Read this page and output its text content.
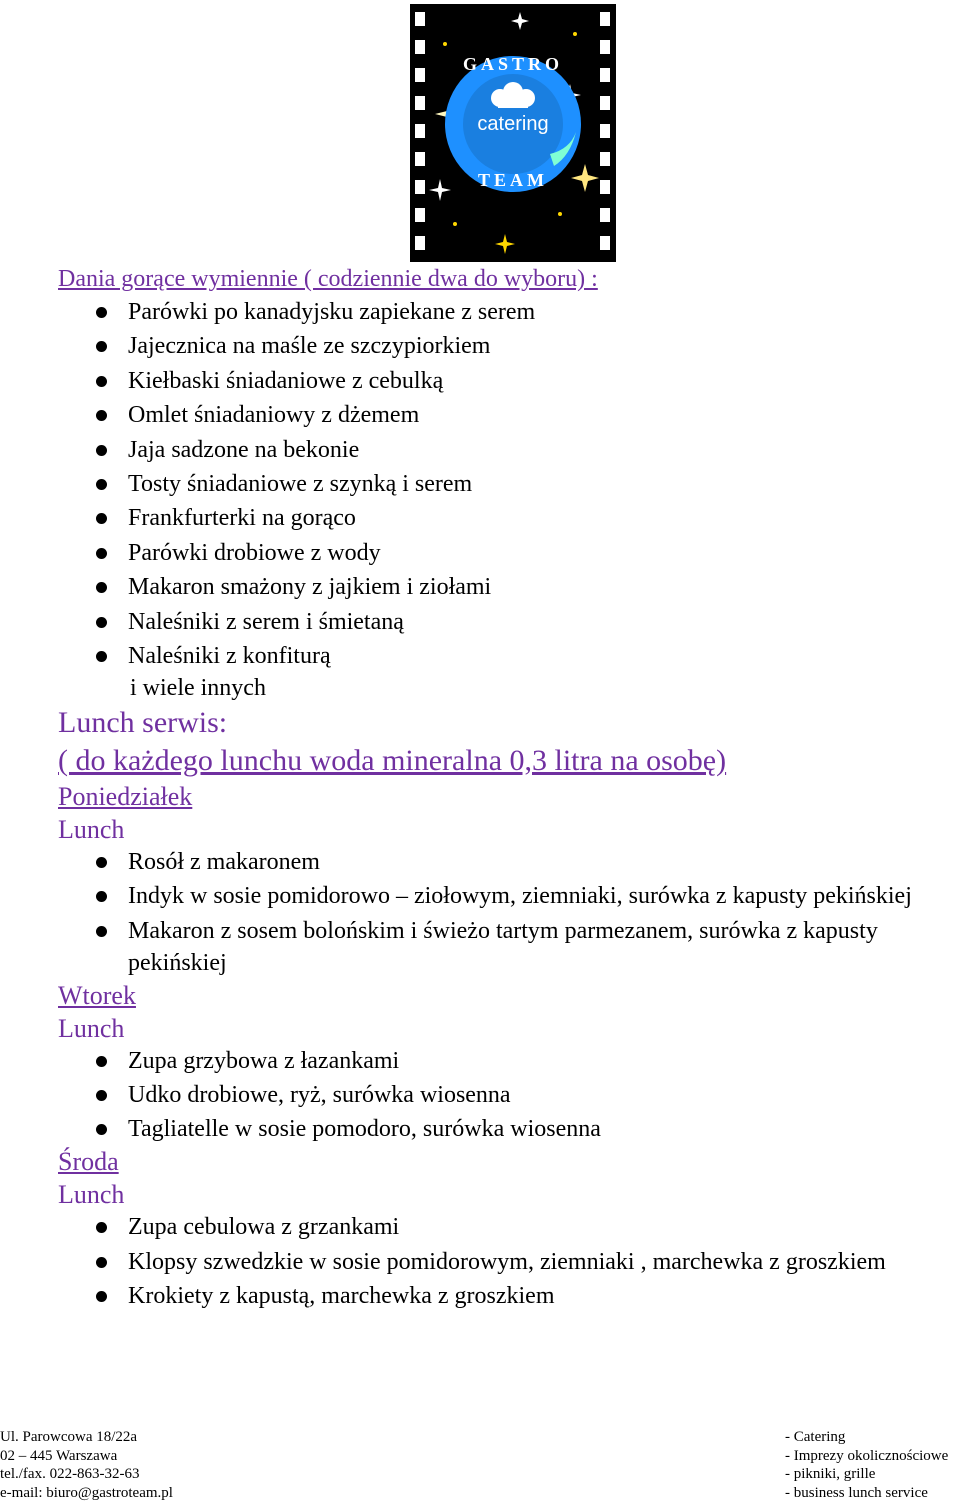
catering
GASTRO
TEAM

Dania gorące wymiennie ( codziennie dwa do wyboru) :

Parówki po kanadyjsku zapiekane z serem
Jajecznica na maśle ze szczypiorkiem
Kiełbaski śniadaniowe z cebulką
Omlet śniadaniowy z dżemem
Jaja sadzone na bekonie
Tosty śniadaniowe z szynką i serem
Frankfurterki na gorąco
Parówki drobiowe z wody
Makaron smażony z jajkiem i ziołami
Naleśniki z serem i śmietaną
Naleśniki z konfiturą
i wiele innych

Lunch serwis:

( do każdego lunchu woda mineralna 0,3 litra na osobę)

Poniedziałek

Lunch

Rosół z makaronem
Indyk w sosie pomidorowo – ziołowym, ziemniaki, surówka z kapusty pekińskiej
Makaron z sosem bolońskim i świeżo tartym parmezanem, surówka z kapusty pekińskiej

Wtorek

Lunch

Zupa grzybowa z łazankami
Udko drobiowe, ryż, surówka wiosenna
Tagliatelle w sosie pomodoro, surówka wiosenna

Środa

Lunch

Zupa cebulowa z grzankami
Klopsy szwedzkie w sosie pomidorowym, ziemniaki , marchewka z groszkiem
Krokiety z kapustą, marchewka z groszkiem
Ul. Parowcowa 18/22a
02 – 445 Warszawa
tel./fax. 022-863-32-63
e-mail: biuro@gastroteam.pl
- Catering
- Imprezy okolicznościowe
- pikniki, grille
- business lunch service
